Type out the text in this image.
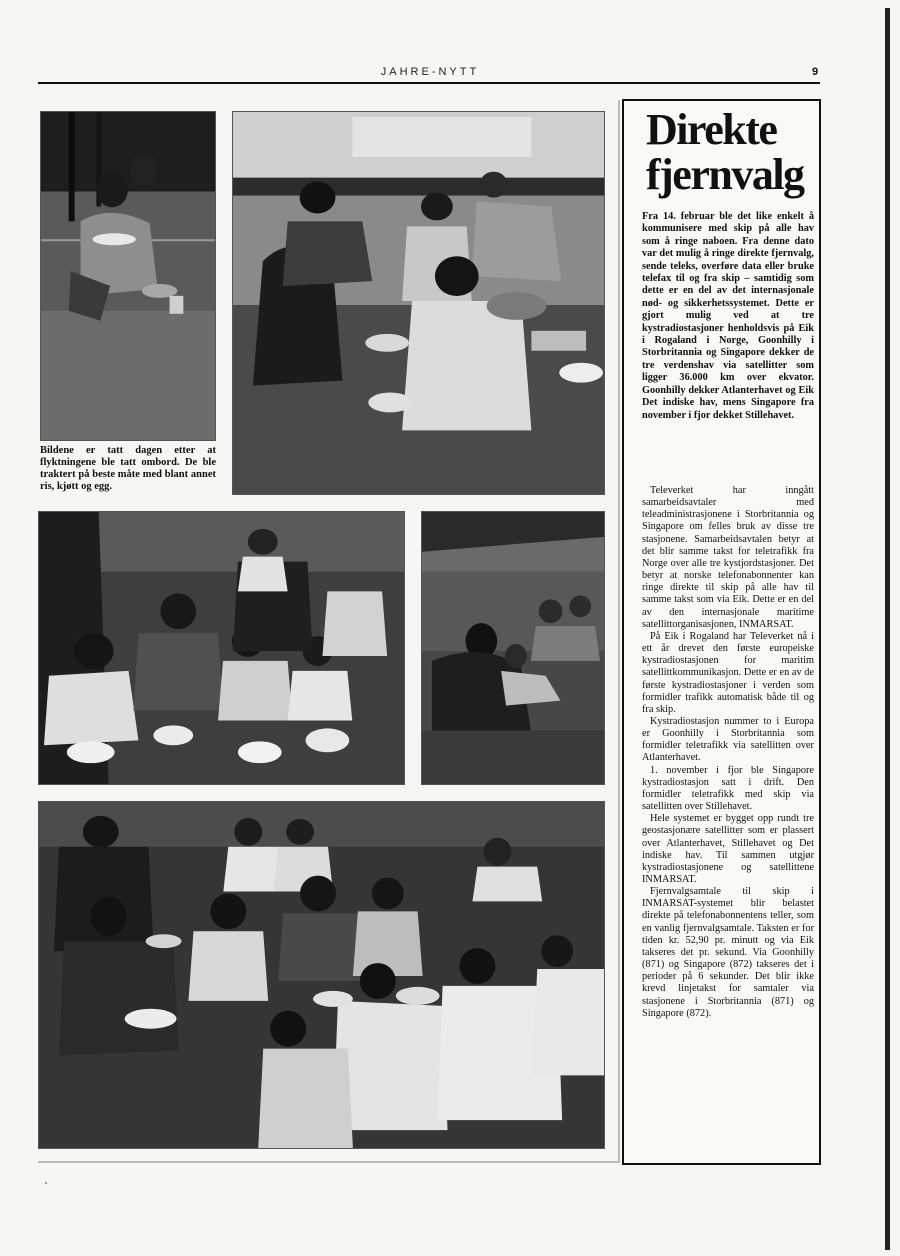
JAHRE-NYTT	9
Bildene er tatt dagen etter at flyktningene ble tatt ombord. De ble traktert på beste måte med blant annet ris, kjøtt og egg.
Direkte
fjernvalg

Fra 14. februar ble det like enkelt å kommunisere med skip på alle hav som å ringe naboen. Fra denne dato var det mulig å ringe direkte fjernvalg, sende teleks, overføre data eller bruke telefax til og fra skip – samtidig som dette er en del av det internasjonale nød- og sikkerhetssystemet. Dette er gjort mulig ved at tre kystradiostasjoner henholdsvis på Eik i Rogaland i Norge, Goonhilly i Storbritannia og Singapore dekker de tre verdenshav via satellitter som ligger 36.000 km over ekvator. Goonhilly dekker Atlanterhavet og Eik Det indiske hav, mens Singapore fra november i fjor dekket Stillehavet.

Televerket har inngått samarbeidsavtaler med teleadministrasjonene i Storbritannia og Singapore om felles bruk av disse tre stasjonene. Samarbeidsavtalen betyr at det blir samme takst for teletrafikk fra Norge over alle tre kystjordstasjoner. Det betyr at norske telefonabonnenter kan ringe direkte til skip på alle hav til samme takst som via Eik. Dette er en del av den internasjonale maritime satellittorganisasjonen, INMARSAT.

På Eik i Rogaland har Televerket nå i ett år drevet den første europeiske kystradiostasjonen for maritim satellittkommunikasjon. Dette er en av de første kystradiostasjoner i verden som formidler trafikk automatisk både til og fra skip.

Kystradiostasjon nummer to i Europa er Goonhilly i Storbritannia som formidler teletrafikk via satellitten over Atlanterhavet.

1. november i fjor ble Singapore kystradiostasjon satt i drift. Den formidler teletrafikk med skip via satellitten over Stillehavet.

Hele systemet er bygget opp rundt tre geostasjonære satellitter som er plassert over Atlanterhavet, Stillehavet og Det indiske hav. Til sammen utgjør kystradiostasjonene og satellittene INMARSAT.

Fjernvalgsamtale til skip i INMARSAT-systemet blir belastet direkte på telefonabonnentens teller, som en vanlig fjernvalgsamtale. Taksten er for tiden kr. 52,90 pr. minutt og via Eik takseres det pr. sekund. Via Goonhilly (871) og Singapore (872) takseres det i perioder på 6 sekunder. Det blir ikke krevd linjetakst for samtaler via stasjonene i Storbritannia (871) og Singapore (872).
